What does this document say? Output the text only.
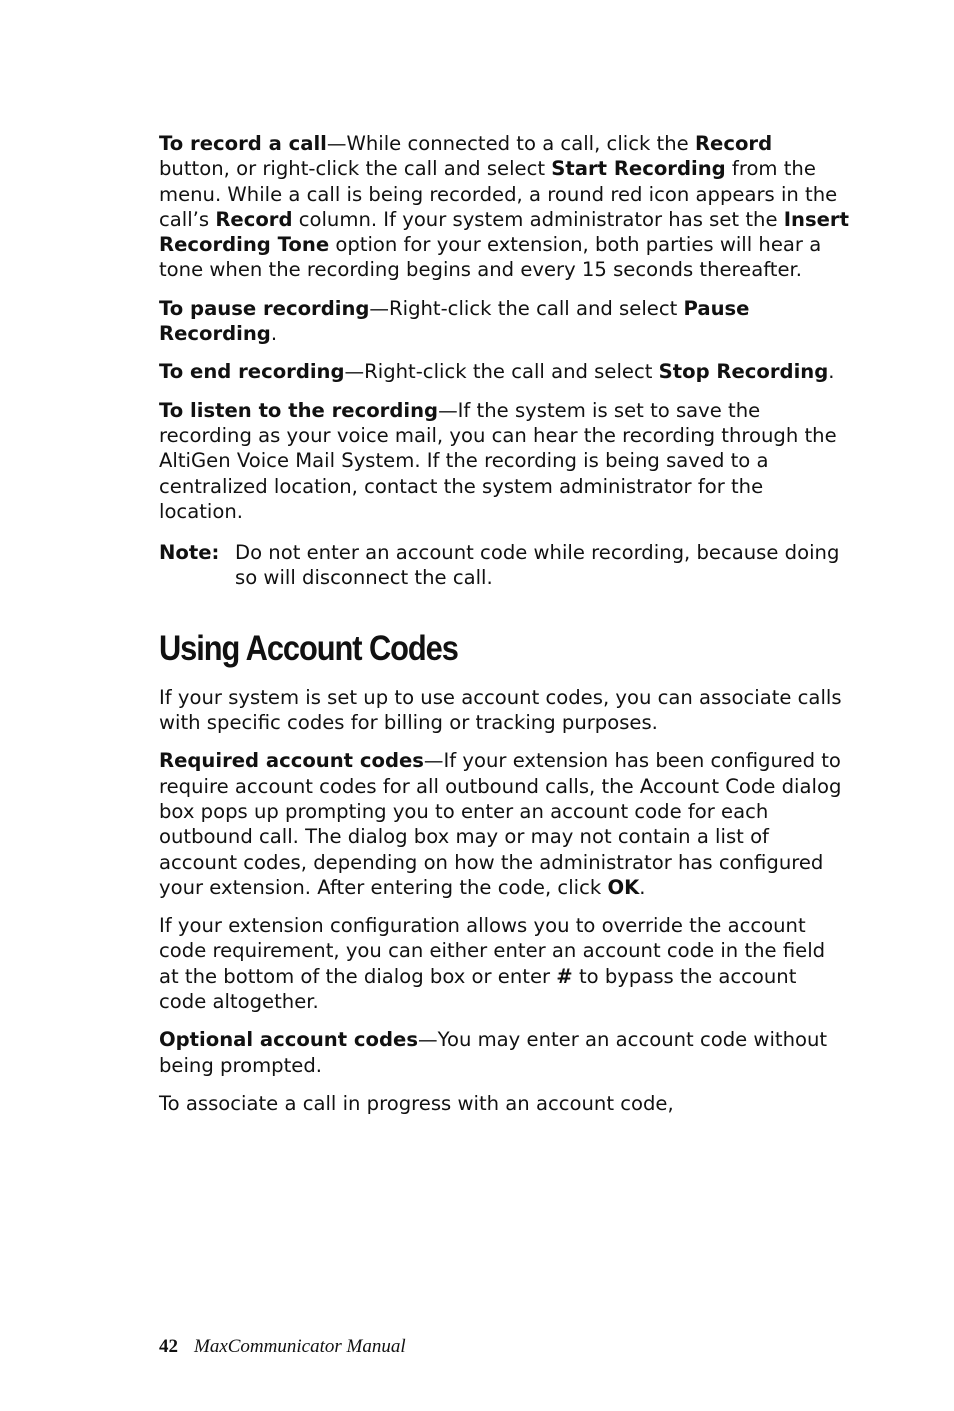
To record a call—While connected to a call, click the Record button, or right-click the call and select Start Recording from the menu. While a call is being recorded, a round red icon appears in the call’s Record column. If your system administrator has set the Insert Recording Tone option for your extension, both parties will hear a tone when the recording begins and every 15 seconds thereafter.

To pause recording—Right-click the call and select Pause Recording.

To end recording—Right-click the call and select Stop Recording.

To listen to the recording—If the system is set to save the recording as your voice mail, you can hear the recording through the AltiGen Voice Mail System. If the recording is being saved to a centralized location, contact the system administrator for the location.

Note: Do not enter an account code while recording, because doing so will disconnect the call.
Using Account Codes

If your system is set up to use account codes, you can associate calls with specific codes for billing or tracking purposes.

Required account codes—If your extension has been configured to require account codes for all outbound calls, the Account Code dialog box pops up prompting you to enter an account code for each outbound call. The dialog box may or may not contain a list of account codes, depending on how the administrator has configured your extension. After entering the code, click OK.

If your extension configuration allows you to override the account code requirement, you can either enter an account code in the field at the bottom of the dialog box or enter # to bypass the account code altogether.

Optional account codes—You may enter an account code without being prompted.

To associate a call in progress with an account code,

42 MaxCommunicator Manual
